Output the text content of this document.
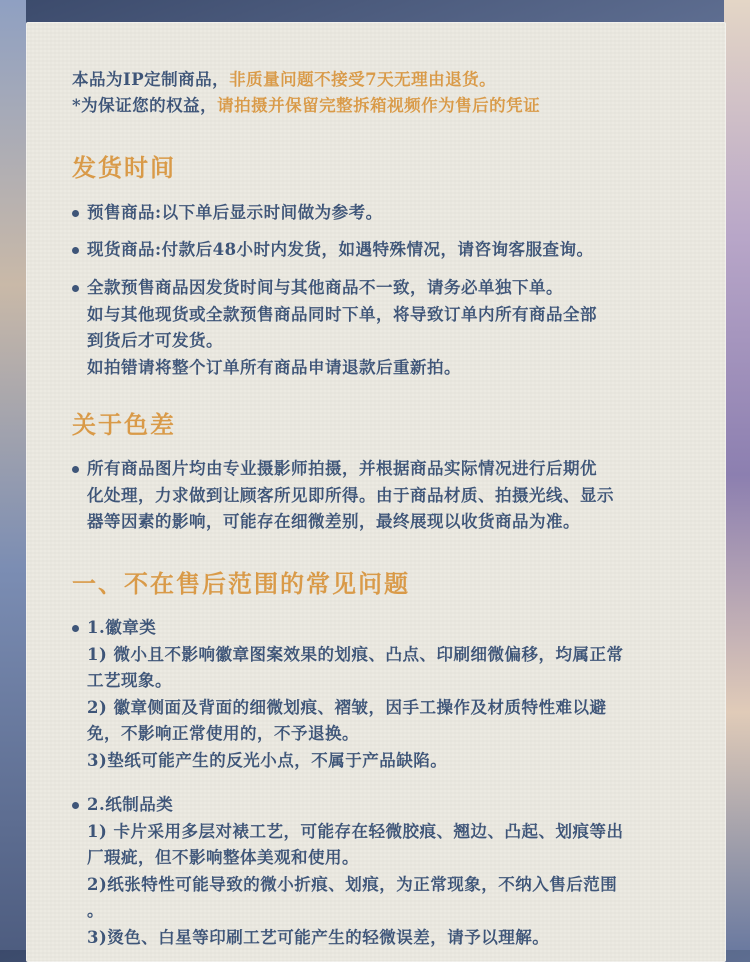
本品为IP定制商品，非质量问题不接受7天无理由退货。
*为保证您的权益，请拍摄并保留完整拆箱视频作为售后的凭证
发货时间
预售商品:以下单后显示时间做为参考。
现货商品:付款后48小时内发货，如遇特殊情况，请咨询客服查询。
全款预售商品因发货时间与其他商品不一致，请务必单独下单。
如与其他现货或全款预售商品同时下单，将导致订单内所有商品全部
到货后才可发货。
如拍错请将整个订单所有商品申请退款后重新拍。
关于色差
所有商品图片均由专业摄影师拍摄，并根据商品实际情况进行后期优
化处理，力求做到让顾客所见即所得。由于商品材质、拍摄光线、显示
器等因素的影响，可能存在细微差别，最终展现以收货商品为准。
一、不在售后范围的常见问题
1.徽章类
1) 微小且不影响徽章图案效果的划痕、凸点、印刷细微偏移，均属正常
工艺现象。
2) 徽章侧面及背面的细微划痕、褶皱，因手工操作及材质特性难以避
免，不影响正常使用的，不予退换。
3)垫纸可能产生的反光小点，不属于产品缺陷。
2.纸制品类
1) 卡片采用多层对裱工艺，可能存在轻微胶痕、翘边、凸起、划痕等出
厂瑕疵，但不影响整体美观和使用。
2)纸张特性可能导致的微小折痕、划痕，为正常现象，不纳入售后范围
。
3)烫色、白星等印刷工艺可能产生的轻微误差，请予以理解。
